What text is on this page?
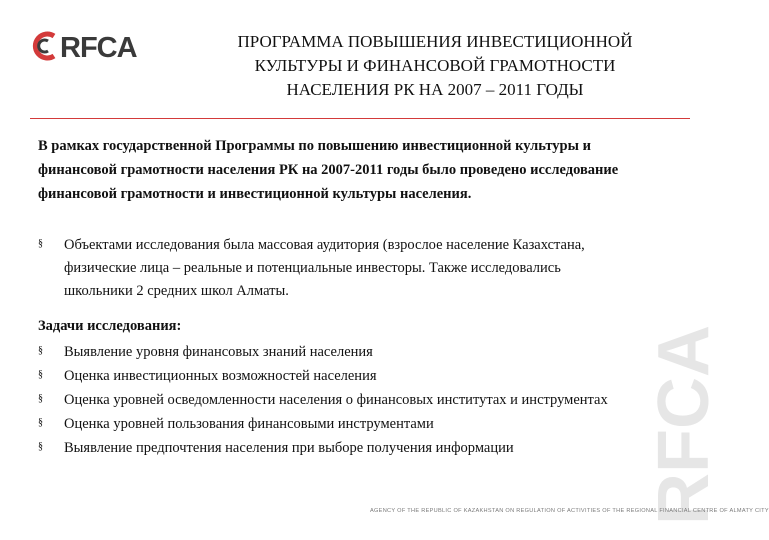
RFCA	ПРОГРАММА ПОВЫШЕНИЯ ИНВЕСТИЦИОННОЙ
КУЛЬТУРЫ И ФИНАНСОВОЙ ГРАМОТНОСТИ
НАСЕЛЕНИЯ РК НА 2007 – 2011 ГОДЫ
В рамках государственной Программы по повышению инвестиционной культуры и
финансовой грамотности населения РК на 2007-2011 годы было проведено исследование
финансовой грамотности и инвестиционной культуры населения.
§ Объектами исследования была массовая аудитория (взрослое население Казахстана,
физические лица – реальные и потенциальные инвесторы. Также исследовались
школьники 2 средних школ Алматы.
Задачи исследования:
§ Выявление уровня финансовых знаний населения
§ Оценка инвестиционных возможностей населения
§ Оценка уровней осведомленности населения о финансовых институтах и инструментах
§ Оценка уровней пользования финансовыми инструментами
§ Выявление предпочтения населения при выборе получения информации	RFCA
AGENCY OF THE REPUBLIC OF KAZAKHSTAN ON REGULATION OF ACTIVITIES OF THE REGIONAL FINANCIAL CENTRE OF ALMATY CITY
